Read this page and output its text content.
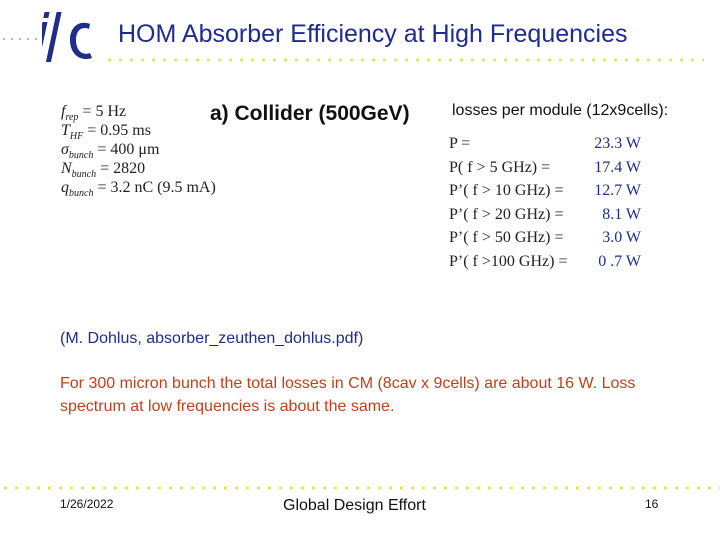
HOM Absorber Efficiency at High Frequencies
$f_{rep} = 5$ Hz
$T_{HF} = 0.95$ ms
$\sigma_{bunch} = 400$ μm
$N_{bunch} = 2820$
$q_{bunch} = 3.2$ nC (9.5 mA)
a) Collider (500GeV)	losses per module (12x9cells):
P =	23.3 W
P( f > 5 GHz) =	17.4 W
P’( f > 10 GHz) = 12.7 W
P’( f > 20 GHz) = 8.1 W
P’( f > 50 GHz) = 3.0 W
P’( f >100 GHz) = 0 .7 W
(M. Dohlus, absorber_zeuthen_dohlus.pdf)
For 300 micron bunch the total losses in CM (8cav x 9cells) are about 16 W. Loss spectrum at low frequencies is about the same.
1/26/2022	Global Design Effort	16
